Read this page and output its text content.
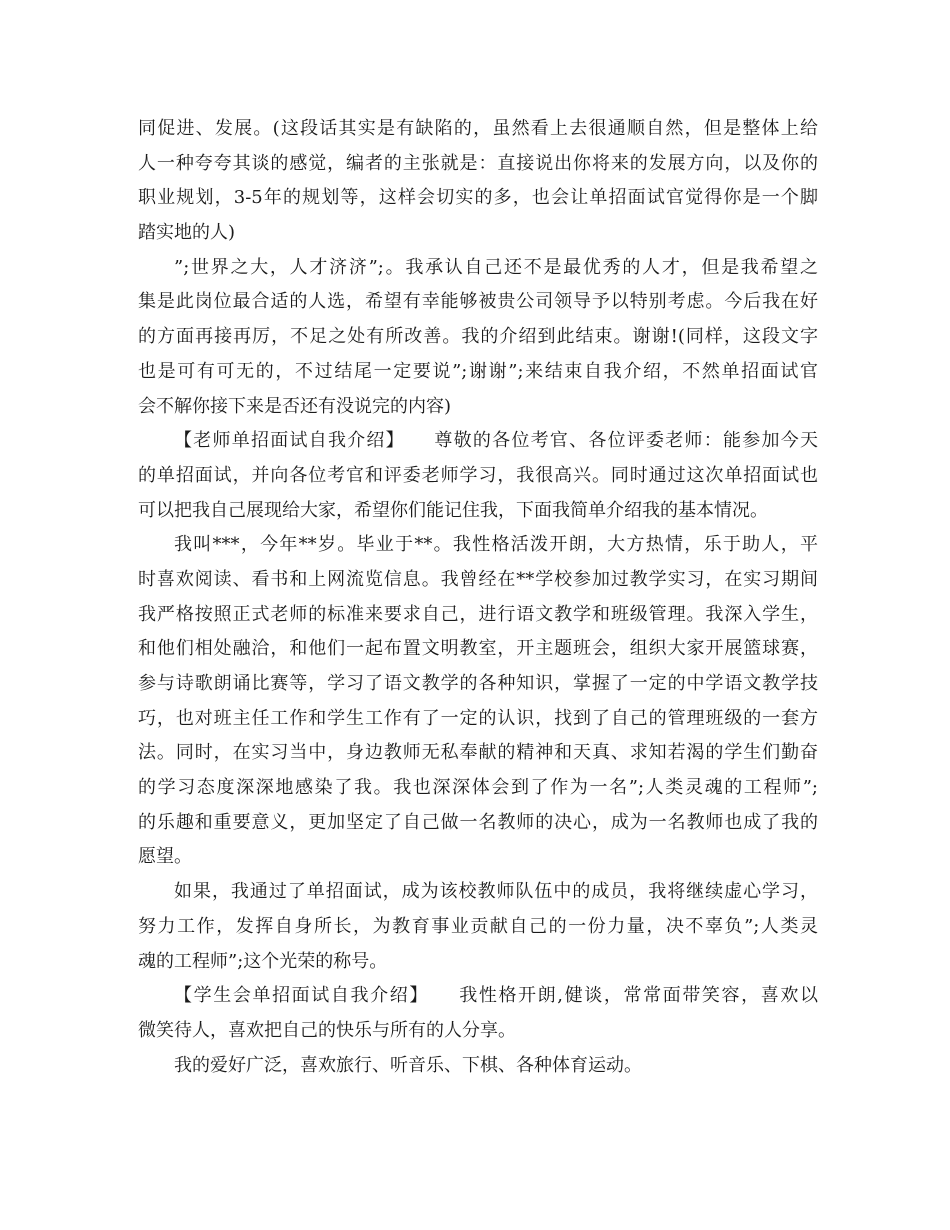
同促进、发展。(这段话其实是有缺陷的，虽然看上去很通顺自然，但是整体上给
人一种夸夸其谈的感觉，编者的主张就是：直接说出你将来的发展方向，以及你的
职业规划，3-5年的规划等，这样会切实的多，也会让单招面试官觉得你是一个脚
踏实地的人)
”;世界之大，人才济济”;。我承认自己还不是最优秀的人才，但是我希望之
集是此岗位最合适的人选，希望有幸能够被贵公司领导予以特别考虑。今后我在好
的方面再接再厉，不足之处有所改善。我的介绍到此结束。谢谢!(同样，这段文字
也是可有可无的，不过结尾一定要说”;谢谢”;来结束自我介绍，不然单招面试官
会不解你接下来是否还有没说完的内容)
【老师单招面试自我介绍】　　尊敬的各位考官、各位评委老师：能参加今天
的单招面试，并向各位考官和评委老师学习，我很高兴。同时通过这次单招面试也
可以把我自己展现给大家，希望你们能记住我，下面我简单介绍我的基本情况。
我叫***，今年**岁。毕业于**。我性格活泼开朗，大方热情，乐于助人，平
时喜欢阅读、看书和上网流览信息。我曾经在**学校参加过教学实习，在实习期间
我严格按照正式老师的标准来要求自己，进行语文教学和班级管理。我深入学生，
和他们相处融洽，和他们一起布置文明教室，开主题班会，组织大家开展篮球赛，
参与诗歌朗诵比赛等，学习了语文教学的各种知识，掌握了一定的中学语文教学技
巧，也对班主任工作和学生工作有了一定的认识，找到了自己的管理班级的一套方
法。同时，在实习当中，身边教师无私奉献的精神和天真、求知若渴的学生们勤奋
的学习态度深深地感染了我。我也深深体会到了作为一名”;人类灵魂的工程师”;
的乐趣和重要意义，更加坚定了自己做一名教师的决心，成为一名教师也成了我的
愿望。
如果，我通过了单招面试，成为该校教师队伍中的成员，我将继续虚心学习，
努力工作，发挥自身所长，为教育事业贡献自己的一份力量，决不辜负”;人类灵
魂的工程师”;这个光荣的称号。
【学生会单招面试自我介绍】　　我性格开朗,健谈，常常面带笑容，喜欢以
微笑待人，喜欢把自己的快乐与所有的人分享。
我的爱好广泛，喜欢旅行、听音乐、下棋、各种体育运动。
